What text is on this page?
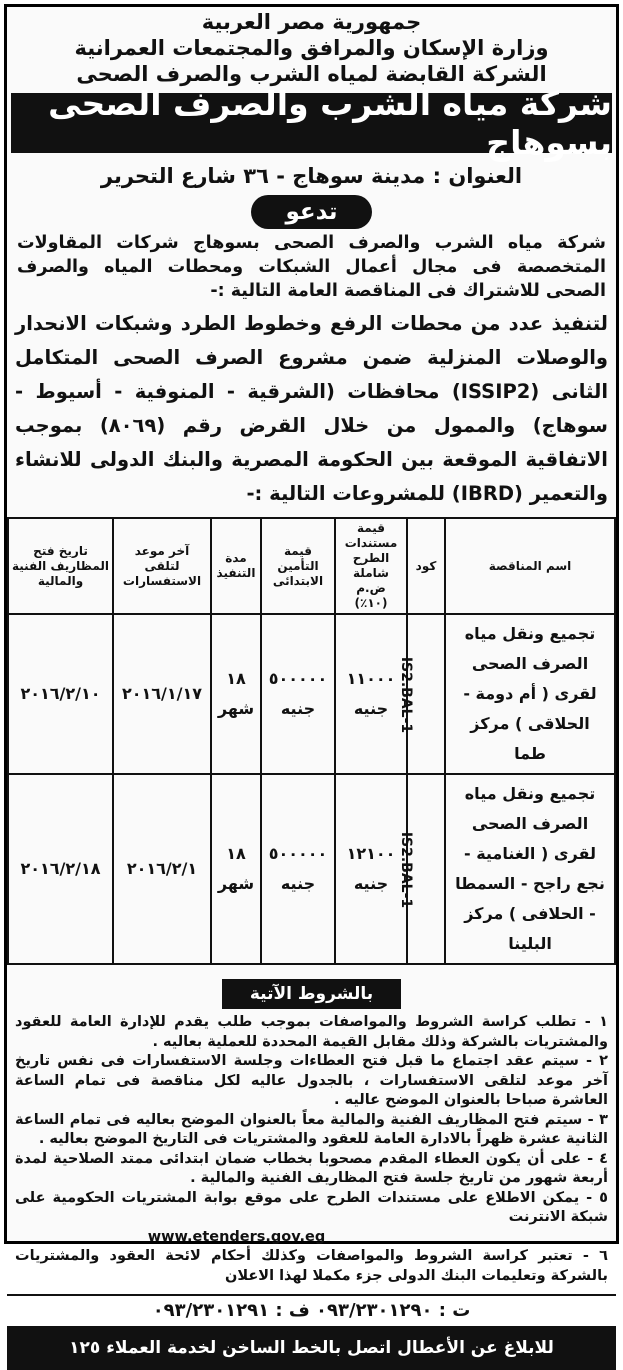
جمهورية مصر العربية
وزارة الإسكان والمرافق والمجتمعات العمرانية
الشركة القابضة لمياه الشرب والصرف الصحى
شركة مياه الشرب والصرف الصحى بسوهاج
العنوان : مدينة سوهاج - ٣٦ شارع التحرير
تدعو
شركة مياه الشرب والصرف الصحى بسوهاج شركات المقاولات المتخصصة فى مجال أعمال الشبكات ومحطات المياه والصرف الصحى للاشتراك فى المناقصة العامة التالية :-
لتنفيذ عدد من محطات الرفع وخطوط الطرد وشبكات الانحدار والوصلات المنزلية ضمن مشروع الصرف الصحى المتكامل الثانى (ISSIP2) محافظات (الشرقية - المنوفية - أسيوط - سوهاج) والممول من خلال القرض رقم (٨٠٦٩) بموجب الاتفاقية الموقعة بين الحكومة المصرية والبنك الدولى للانشاء والتعمير (IBRD) للمشروعات التالية :-
اسم المناقصة	كود	قيمة مستندات الطرح شاملة ض.م (١٠٪)	قيمة التأمين الابتدائى	مدة التنفيذ	آخر موعد لتلقى الاستفسارات	تاريخ فتح المظاريف الفنية والمالية
تجميع ونقل مياه الصرف الصحى لقرى ( أم دومة - الحلاقى ) مركز طما	IS2.BAL-1	١١٠٠٠ جنيه	٥٠٠٠٠٠ جنيه	١٨ شهر	٢٠١٦/١/١٧	٢٠١٦/٢/١٠
تجميع ونقل مياه الصرف الصحى لقرى ( الغنامية - نجع راجح - السمطا - الحلافى ) مركز البلينا	IS2.BAL-1	١٢١٠٠ جنيه	٥٠٠٠٠٠ جنيه	١٨ شهر	٢٠١٦/٢/١	٢٠١٦/٢/١٨
بالشروط الآتية

١ - تطلب كراسة الشروط والمواصفات بموجب طلب يقدم للإدارة العامة للعقود والمشتريات بالشركة وذلك مقابل القيمة المحددة للعملية بعاليه .

٢ - سيتم عقد اجتماع ما قبل فتح العطاءات وجلسة الاستفسارات فى نفس تاريخ آخر موعد لتلقى الاستفسارات ، بالجدول عاليه لكل مناقصة فى تمام الساعة العاشرة صباحا بالعنوان الموضح عاليه .

٣ - سيتم فتح المظاريف الفنية والمالية معاً بالعنوان الموضح بعاليه فى تمام الساعة الثانية عشرة ظهراً بالادارة العامة للعقود والمشتريات فى التاريخ الموضح بعاليه .

٤ - على أن يكون العطاء المقدم مصحوبا بخطاب ضمان ابتدائى ممتد الصلاحية لمدة أربعة شهور من تاريخ جلسة فتح المظاريف الفنية والمالية .

٥ - يمكن الاطلاع على مستندات الطرح على موقع بوابة المشتريات الحكومية على شبكة الانترنت

www.etenders.gov.eg

٦ - تعتبر كراسة الشروط والمواصفات وكذلك أحكام لائحة العقود والمشتريات بالشركة وتعليمات البنك الدولى جزء مكملا لهذا الاعلان

ت : ٠٩٣/٢٣٠١٢٩٠ ف : ٠٩٣/٢٣٠١٢٩١
للابلاغ عن الأعطال اتصل بالخط الساخن لخدمة العملاء ١٢٥
